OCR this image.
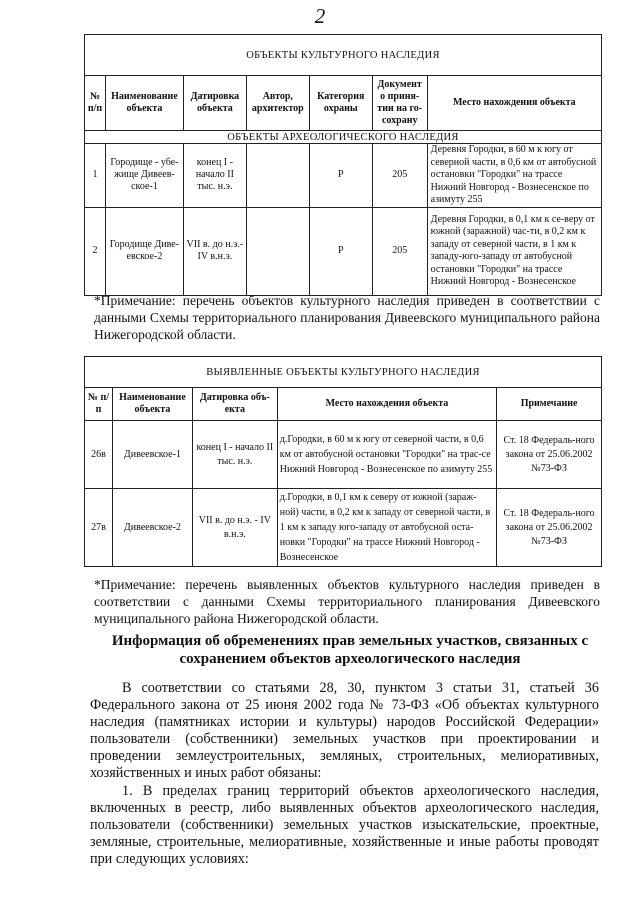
2
ОБЪЕКТЫ КУЛЬТУРНОГО НАСЛЕДИЯ						
№ п/п	Наименование объекта	Датировка объекта	Автор, архитектор	Категория охраны	Документ о приня-тии на го-сохрану	Место нахождения объекта
ОБЪЕКТЫ АРХЕОЛОГИЧЕСКОГО НАСЛЕДИЯ						
1	Городище - убе-жище Дивеев-ское-1	конец I - начало II тыс. н.э.		Р	205	Деревня Городки, в 60 м к югу от северной части, в 0,6 км от автобусной остановки "Городки" на трассе Нижний Новгород - Вознесенское по азимуту 255
2	Городище Диве-евское-2	VII в. до н.э.- IV в.н.э.		Р	205	Деревня Городки, в 0,1 км к се-веру от южной (заражной) час-ти, в 0,2 км к западу от северной части, в 1 км к западу-юго-западу от автобусной остановки "Городки" на трассе Нижний Новгород - Вознесенское
*Примечание: перечень объектов культурного наследия приведен в соответствии с данными Схемы территориального планирования Дивеевского муниципального района Нижегородской области.
ВЫЯВЛЕННЫЕ ОБЪЕКТЫ КУЛЬТУРНОГО НАСЛЕДИЯ				
№ п/п	Наименование объекта	Датировка объ-екта	Место нахождения объекта	Примечание
26в	Дивеевское-1	конец I - начало II тыс. н.э.	д.Городки, в 60 м к югу от северной части, в 0,6 км от автобусной остановки "Городки" на трас-се Нижний Новгород - Вознесенское по азимуту 255	Ст. 18 Федераль-ного закона от 25.06.2002 №73-ФЗ
27в	Дивеевское-2	VII в. до н.э. - IV в.н.э.	д.Городки, в 0,1 км к северу от южной (зараж-ной) части, в 0,2 км к западу от северной части, в 1 км к западу юго-западу от автобусной оста-новки "Городки" на трассе Нижний Новгород - Вознесенское	Ст. 18 Федераль-ного закона от 25.06.2002 №73-ФЗ
*Примечание: перечень выявленных объектов культурного наследия приведен в соответствии с данными Схемы территориального планирования Дивеевского муниципального района Нижегородской области.
Информация об обременениях прав земельных участков, связанных с сохранением объектов археологического наследия
В соответствии со статьями 28, 30, пунктом 3 статьи 31, статьей 36 Федерального закона от 25 июня 2002 года № 73-ФЗ «Об объектах культурного наследия (памятниках истории и культуры) народов Российской Федерации» пользователи (собственники) земельных участков при проектировании и проведении землеустроительных, земляных, строительных, мелиоративных, хозяйственных и иных работ обязаны:
1. В пределах границ территорий объектов археологического наследия, включенных в реестр, либо выявленных объектов археологического наследия, пользователи (собственники) земельных участков изыскательские, проектные, земляные, строительные, мелиоративные, хозяйственные и иные работы проводят при следующих условиях:
